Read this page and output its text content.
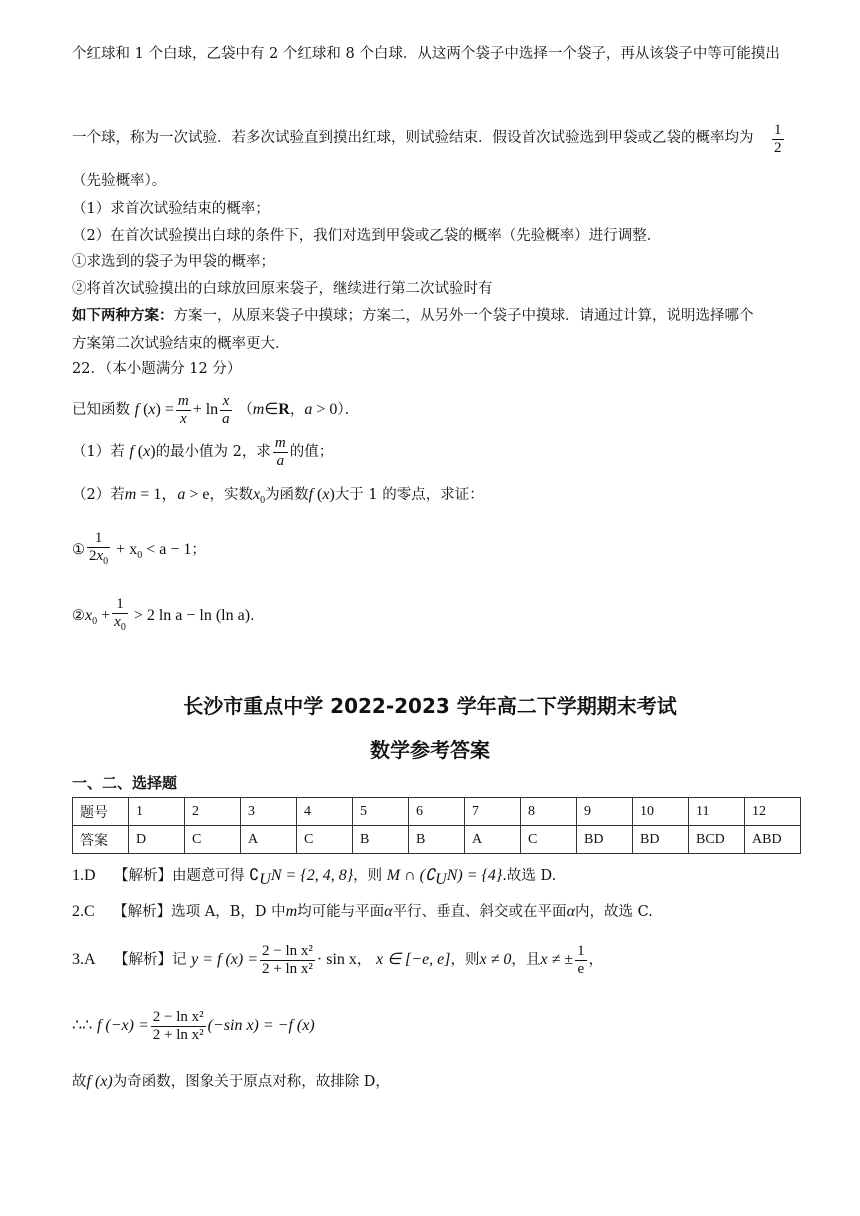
个红球和 1 个白球，乙袋中有 2 个红球和 8 个白球．从这两个袋子中选择一个袋子，再从该袋子中等可能摸出
一个球，称为一次试验．若多次试验直到摸出红球，则试验结束．假设首次试验选到甲袋或乙袋的概率均为 $\frac{1}{2}$
（先验概率）。
（1）求首次试验结束的概率；
（2）在首次试验摸出白球的条件下，我们对选到甲袋或乙袋的概率（先验概率）进行调整．
①求选到的袋子为甲袋的概率；
②将首次试验摸出的白球放回原来袋子，继续进行第二次试验时有
如下两种方案：方案一，从原来袋子中摸球；方案二，从另外一个袋子中摸球．请通过计算，说明选择哪个
方案第二次试验结束的概率更大．
22．（本小题满分 12 分）
已知函数 f $(x) = \frac{m}{x} + \ln \frac{x}{a}$ （m∈R，a > 0）．
（1）若 f (x)的最小值为 2，求 $\frac{m}{a}$ 的值；
（2）若m = 1，a > e，实数$x_0$为函数f (x)大于 1 的零点，求证：
① $\frac{1}{2x_0} + x_0 < a - 1$；
$②x_0 + \frac{1}{x_0} > 2$ ln a − ln (ln a)．
长沙市重点中学 2022-2023 学年高二下学期期末考试
数学参考答案
一、二、选择题
题号	1	2	3	4	5	6	7	8	9	10	11	12
答案	D	C	A	C	B	B	A	C	BD	BD	BCD	ABD
1.D 【解析】由题意可得 $∁_UN = \{2$, 4, 8}，则 M ∩ $(∁_UN) = \{4\}$.故选 D.
2.C 【解析】选项 A，B，D 中m均可能与平面α平行、垂直、斜交或在平面α内，故选 C.
3.A 【解析】记 y = f $(x) = \frac{\text{2 − ln x²}}{\text{2 + ln x²}} \cdot \sin x$， x ∈ [−e, e]，则x ≠ 0，且x ≠ ± $\frac{1}{e}$ ，
∴∴ f $(-x) = \frac{\text{2 − ln x²}}{\text{2 + ln x²}} (-\sin$ x) = −f (x)
故f (x)为奇函数，图象关于原点对称，故排除 D，
